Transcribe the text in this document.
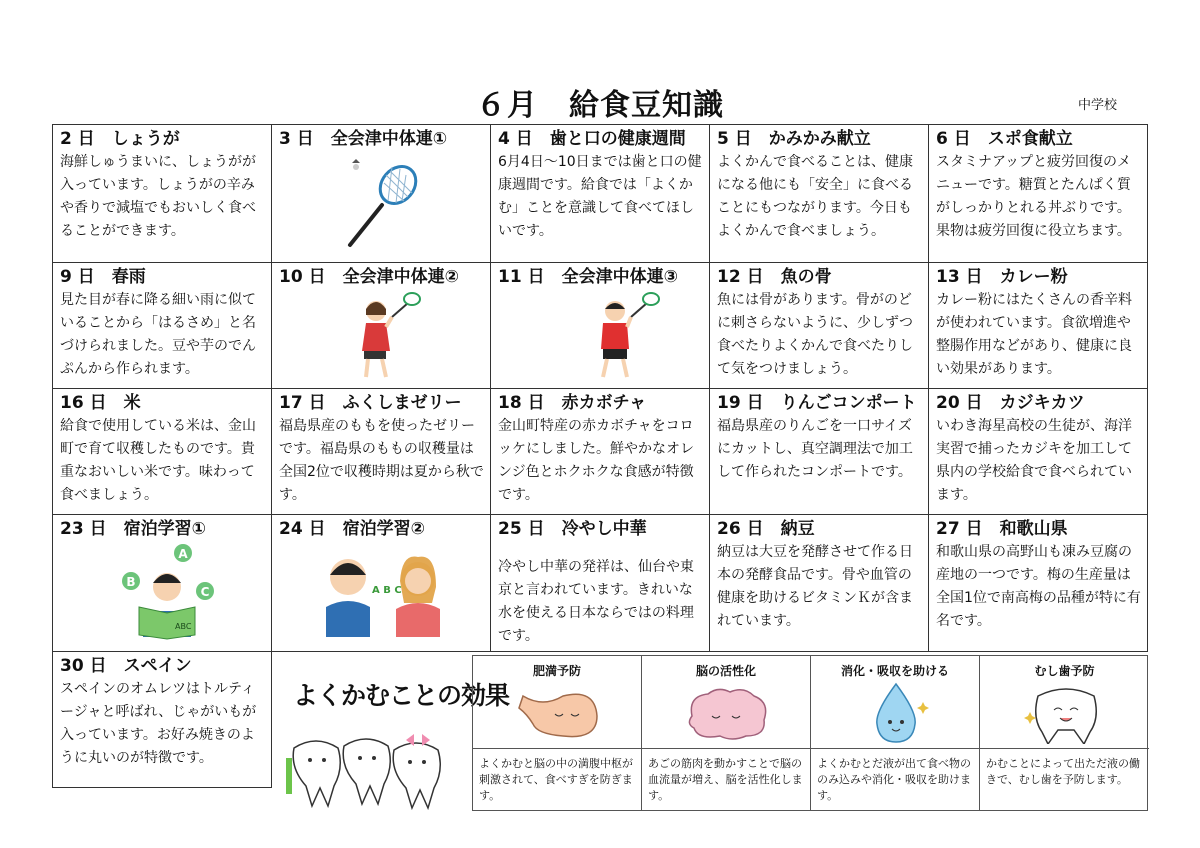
６月　給食豆知識	中学校
2 日　しょうが
海鮮しゅうまいに、しょうがが入っています。しょうがの辛みや香りで減塩でもおいしく食べることができます。
3 日　全会津中体連①	4 日　歯と口の健康週間
6月4日～10日までは歯と口の健康週間です。給食では「よくかむ」ことを意識して食べてほしいです。
5 日　かみかみ献立
よくかんで食べることは、健康になる他にも「安全」に食べることにもつながります。今日もよくかんで食べましょう。
6 日　スポ食献立
スタミナアップと疲労回復のメニューです。糖質とたんぱく質がしっかりとれる丼ぶりです。果物は疲労回復に役立ちます。
9 日　春雨
見た目が春に降る細い雨に似ていることから「はるさめ」と名づけられました。豆や芋のでんぷんから作られます。
10 日　全会津中体連②	11 日　全会津中体連③	12 日　魚の骨
魚には骨があります。骨がのどに刺さらないように、少しずつ食べたりよくかんで食べたりして気をつけましょう。
13 日　カレー粉
カレー粉にはたくさんの香辛料が使われています。食欲増進や整腸作用などがあり、健康に良い効果があります。
16 日　米
給食で使用している米は、金山町で育て収穫したものです。貴重なおいしい米です。味わって食べましょう。
17 日　ふくしまゼリー
福島県産のももを使ったゼリーです。福島県のももの収穫量は全国2位で収穫時期は夏から秋です。
18 日　赤カボチャ
金山町特産の赤カボチャをコロッケにしました。鮮やかなオレンジ色とホクホクな食感が特徴です。
19 日　りんごコンポート
福島県産のりんごを一口サイズにカットし、真空調理法で加工して作られたコンポートです。
20 日　カジキカツ
いわき海星高校の生徒が、海洋実習で捕ったカジキを加工して県内の学校給食で食べられています。
23 日　宿泊学習①
A
B
C
ABC
24 日　宿泊学習②
A B C
25 日　冷やし中華
冷やし中華の発祥は、仙台や東京と言われています。きれいな水を使える日本ならではの料理です。
26 日　納豆
納豆は大豆を発酵させて作る日本の発酵食品です。骨や血管の健康を助けるビタミンＫが含まれています。
27 日　和歌山県
和歌山県の高野山も凍み豆腐の産地の一つです。梅の生産量は全国1位で南高梅の品種が特に有名です。
30 日　スペイン
スペインのオムレツはトルティージャと呼ばれ、じゃがいもが入っています。お好み焼きのように丸いのが特徴です。
よくかむことの効果
肥満予防
よくかむと脳の中の満腹中枢が刺激されて、食べすぎを防ぎます。
脳の活性化
あごの筋肉を動かすことで脳の血流量が増え、脳を活性化します。
消化・吸収を助ける
よくかむとだ液が出て食べ物ののみ込みや消化・吸収を助けます。
むし歯予防
かむことによって出ただ液の働きで、むし歯を予防します。
